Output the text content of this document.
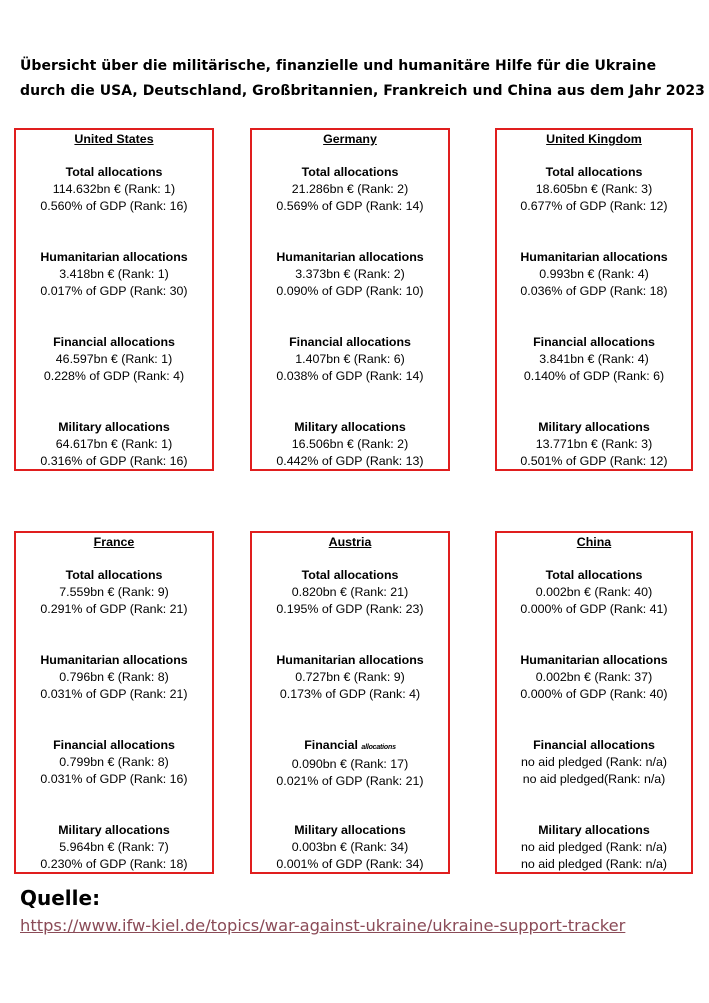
Übersicht über die militärische, finanzielle und humanitäre Hilfe für die Ukraine
durch die USA, Deutschland, Großbritannien, Frankreich und China aus dem Jahr 2023
United States
Total allocations
114.632bn € (Rank: 1)
0.560% of GDP (Rank: 16)
Humanitarian allocations
3.418bn € (Rank: 1)
0.017% of GDP (Rank: 30)
Financial allocations
46.597bn € (Rank: 1)
0.228% of GDP (Rank: 4)
Military allocations
64.617bn € (Rank: 1)
0.316% of GDP (Rank: 16)
Germany
Total allocations
21.286bn € (Rank: 2)
0.569% of GDP (Rank: 14)
Humanitarian allocations
3.373bn € (Rank: 2)
0.090% of GDP (Rank: 10)
Financial allocations
1.407bn € (Rank: 6)
0.038% of GDP (Rank: 14)
Military allocations
16.506bn € (Rank: 2)
0.442% of GDP (Rank: 13)
United Kingdom
Total allocations
18.605bn € (Rank: 3)
0.677% of GDP (Rank: 12)
Humanitarian allocations
0.993bn € (Rank: 4)
0.036% of GDP (Rank: 18)
Financial allocations
3.841bn € (Rank: 4)
0.140% of GDP (Rank: 6)
Military allocations
13.771bn € (Rank: 3)
0.501% of GDP (Rank: 12)
France
Total allocations
7.559bn € (Rank: 9)
0.291% of GDP (Rank: 21)
Humanitarian allocations
0.796bn € (Rank: 8)
0.031% of GDP (Rank: 21)
Financial allocations
0.799bn € (Rank: 8)
0.031% of GDP (Rank: 16)
Military allocations
5.964bn € (Rank: 7)
0.230% of GDP (Rank: 18)
Austria
Total allocations
0.820bn € (Rank: 21)
0.195% of GDP (Rank: 23)
Humanitarian allocations
0.727bn € (Rank: 9)
0.173% of GDP (Rank: 4)
Financial allocations
0.090bn € (Rank: 17)
0.021% of GDP (Rank: 21)
Military allocations
0.003bn € (Rank: 34)
0.001% of GDP (Rank: 34)
China
Total allocations
0.002bn € (Rank: 40)
0.000% of GDP (Rank: 41)
Humanitarian allocations
0.002bn € (Rank: 37)
0.000% of GDP (Rank: 40)
Financial allocations
no aid pledged (Rank: n/a)
no aid pledged(Rank: n/a)
Military allocations
no aid pledged (Rank: n/a)
no aid pledged (Rank: n/a)
Quelle:
https://www.ifw-kiel.de/topics/war-against-ukraine/ukraine-support-tracker
